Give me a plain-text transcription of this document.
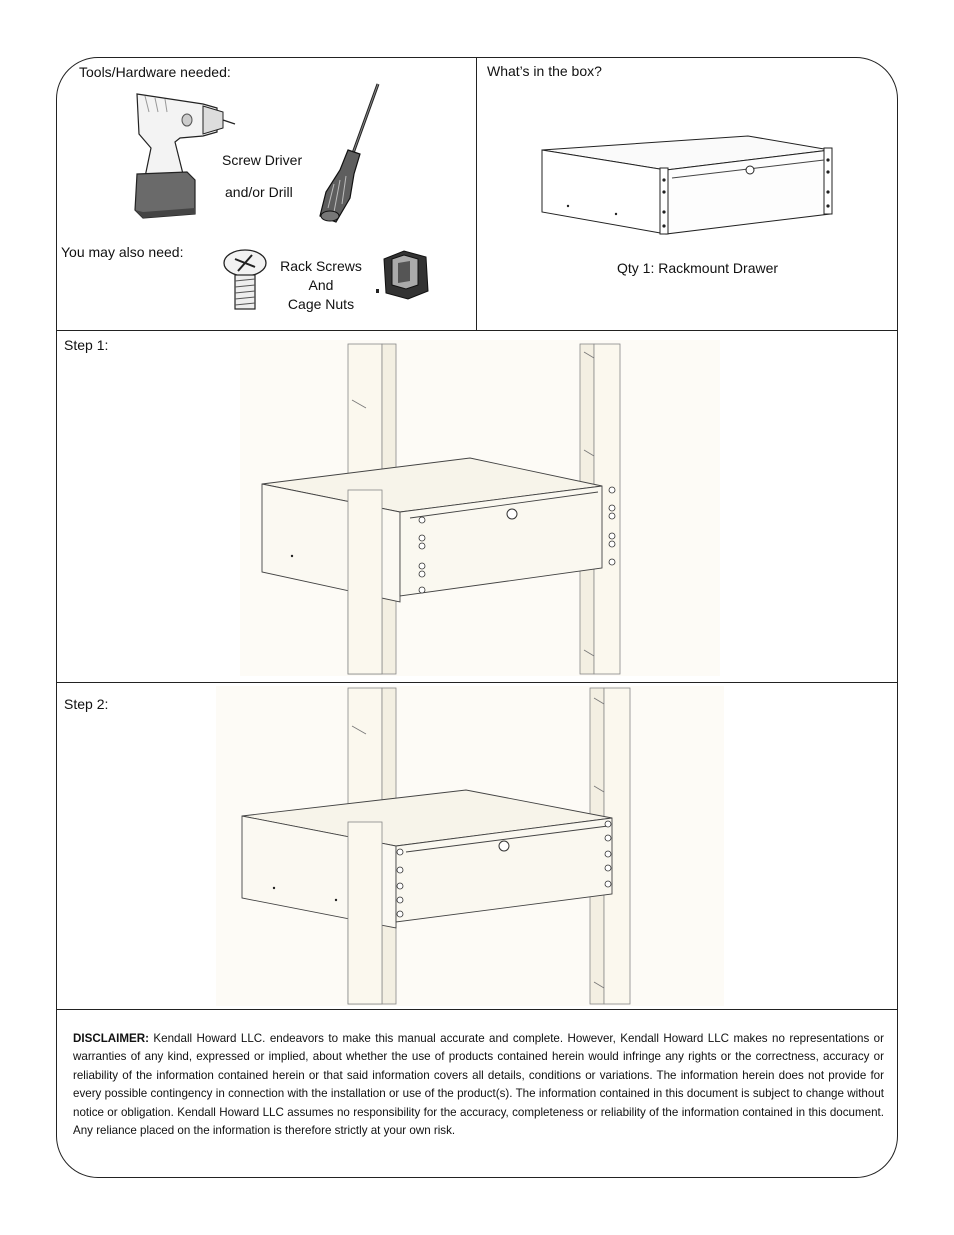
Tools/Hardware needed:
Screw Driver
and/or Drill
You may also need:
Rack Screws
And
Cage Nuts
What’s in the box?
Qty 1: Rackmount Drawer
Step 1:
Step 2:
DISCLAIMER: Kendall Howard LLC. endeavors to make this manual accurate and complete. However, Kendall Howard LLC makes no representations or warranties of any kind, expressed or implied, about whether the use of products contained herein would infringe any rights or the correctness, accuracy or reliability of the information contained herein or that said information covers all details, conditions or variations. The information herein does not provide for every possible contingency in connection with the installation or use of the product(s). The information contained in this document is subject to change without notice or obligation. Kendall Howard LLC assumes no responsibility for the accuracy, completeness or reliability of the information contained in this document. Any reliance placed on the information is therefore strictly at your own risk.
